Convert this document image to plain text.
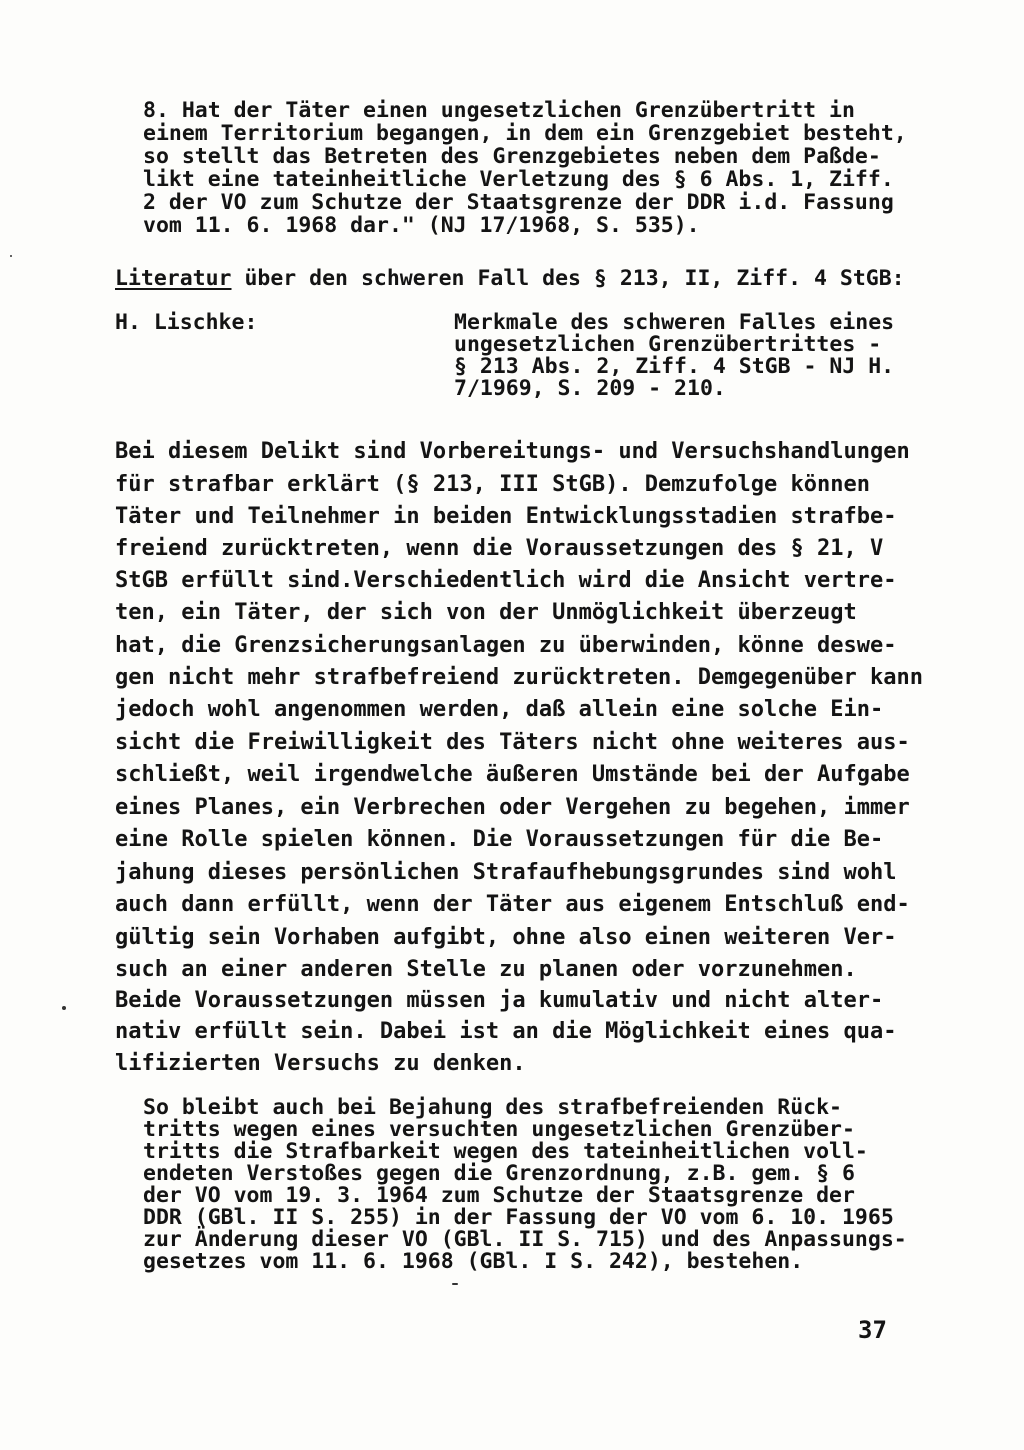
8. Hat der Täter einen ungesetzlichen Grenzübertritt in
einem Territorium begangen, in dem ein Grenzgebiet besteht,
so stellt das Betreten des Grenzgebietes neben dem Paßde-
likt eine tateinheitliche Verletzung des § 6 Abs. 1, Ziff.
2 der VO zum Schutze der Staatsgrenze der DDR i.d. Fassung
vom 11. 6. 1968 dar." (NJ 17/1968, S. 535).
Literatur über den schweren Fall des § 213, II, Ziff. 4 StGB:
H. Lischke:	Merkmale des schweren Falles eines
ungesetzlichen Grenzübertrittes -
§ 213 Abs. 2, Ziff. 4 StGB - NJ H.
7/1969, S. 209 - 210.
Bei diesem Delikt sind Vorbereitungs- und Versuchshandlungen
für strafbar erklärt (§ 213, III StGB). Demzufolge können
Täter und Teilnehmer in beiden Entwicklungsstadien strafbe-
freiend zurücktreten, wenn die Voraussetzungen des § 21, V
StGB erfüllt sind.Verschiedentlich wird die Ansicht vertre-
ten, ein Täter, der sich von der Unmöglichkeit überzeugt
hat, die Grenzsicherungsanlagen zu überwinden, könne deswe-
gen nicht mehr strafbefreiend zurücktreten. Demgegenüber kann
jedoch wohl angenommen werden, daß allein eine solche Ein-
sicht die Freiwilligkeit des Täters nicht ohne weiteres aus-
schließt, weil irgendwelche äußeren Umstände bei der Aufgabe
eines Planes, ein Verbrechen oder Vergehen zu begehen, immer
eine Rolle spielen können. Die Voraussetzungen für die Be-
jahung dieses persönlichen Strafaufhebungsgrundes sind wohl
auch dann erfüllt, wenn der Täter aus eigenem Entschluß end-
gültig sein Vorhaben aufgibt, ohne also einen weiteren Ver-
such an einer anderen Stelle zu planen oder vorzunehmen.
Beide Voraussetzungen müssen ja kumulativ und nicht alter-
nativ erfüllt sein. Dabei ist an die Möglichkeit eines qua-
lifizierten Versuchs zu denken.
So bleibt auch bei Bejahung des strafbefreienden Rück-
tritts wegen eines versuchten ungesetzlichen Grenzüber-
tritts die Strafbarkeit wegen des tateinheitlichen voll-
endeten Verstoßes gegen die Grenzordnung, z.B. gem. § 6
der VO vom 19. 3. 1964 zum Schutze der Staatsgrenze der
DDR (GBl. II S. 255) in der Fassung der VO vom 6. 10. 1965
zur Änderung dieser VO (GBl. II S. 715) und des Anpassungs-
gesetzes vom 11. 6. 1968 (GBl. I S. 242), bestehen.
37
